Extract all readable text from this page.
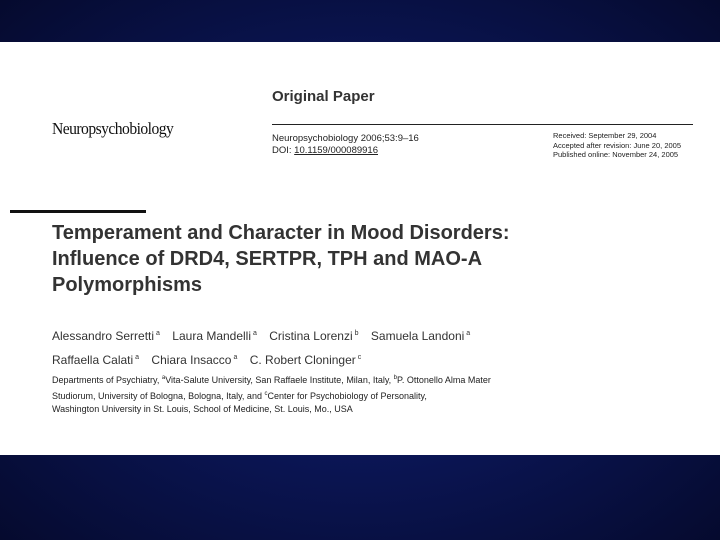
Neuropsychobiology
Original Paper
Neuropsychobiology 2006;53:9–16
DOI: 10.1159/000089916
Received: September 29, 2004
Accepted after revision: June 20, 2005
Published online: November 24, 2005
Temperament and Character in Mood Disorders:
Influence of DRD4, SERTPR, TPH and MAO-A
Polymorphisms
Alessandro Serretti $^a$ Laura Mandelli $^a$ Cristina Lorenzi $^b$ Samuela Landoni $^a$
Raffaella Calati $^a$ Chiara Insacco $^a$ C. Robert Cloninger $^c$
Departments of Psychiatry, $^a$Vita-Salute University, San Raffaele Institute, Milan, Italy, $^b$P. Ottonello Alma Mater
Studiorum, University of Bologna, Bologna, Italy, and $^c$Center for Psychobiology of Personality,
Washington University in St. Louis, School of Medicine, St. Louis, Mo., USA
